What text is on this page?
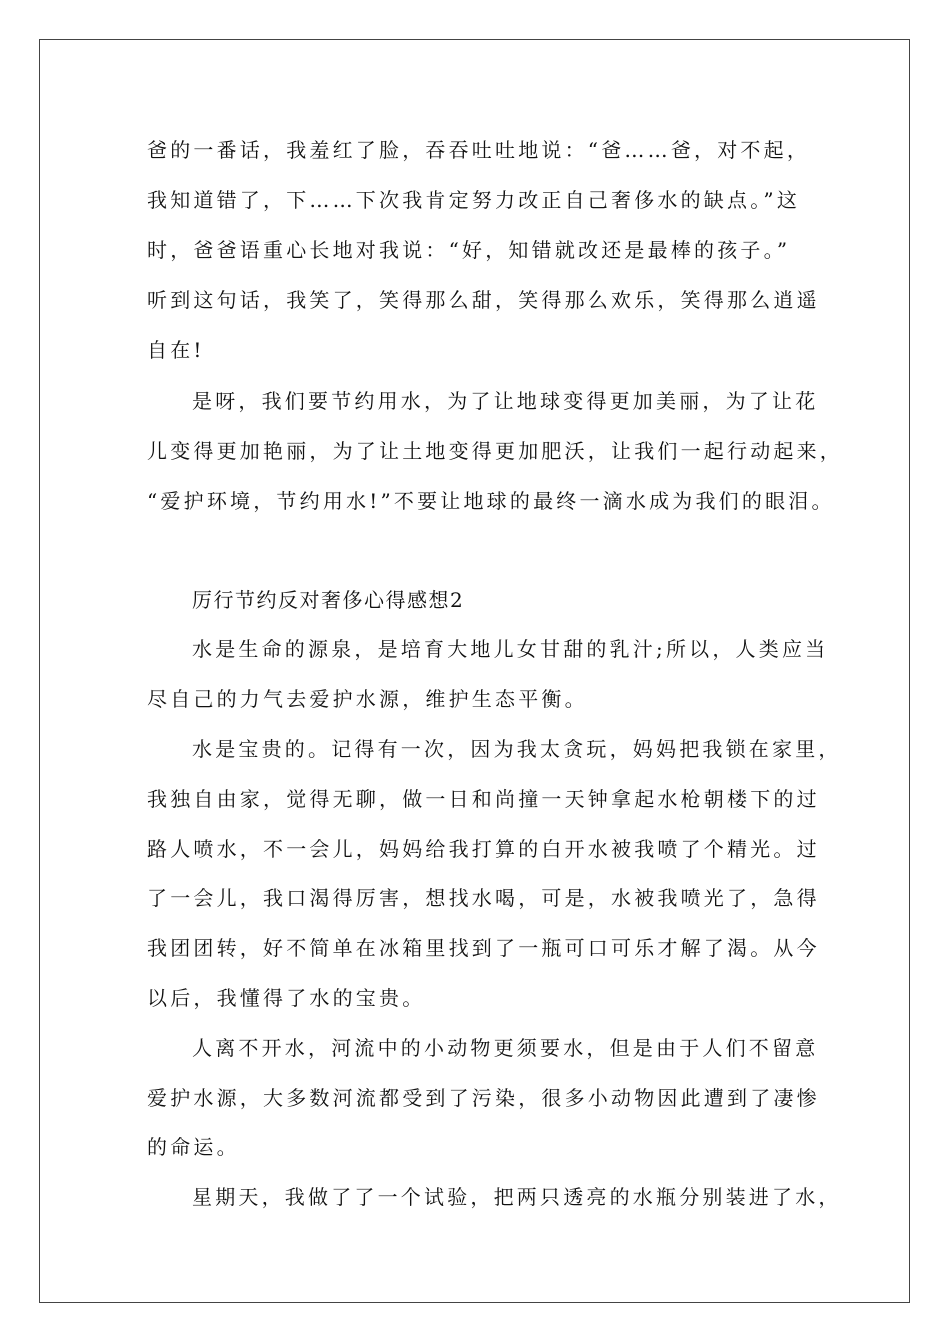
爸的一番话，我羞红了脸，吞吞吐吐地说：“爸……爸，对不起，
我知道错了，下……下次我肯定努力改正自己奢侈水的缺点。”这
时，爸爸语重心长地对我说：“好，知错就改还是最棒的孩子。”
听到这句话，我笑了，笑得那么甜，笑得那么欢乐，笑得那么逍遥
自在!
是呀，我们要节约用水，为了让地球变得更加美丽，为了让花
儿变得更加艳丽，为了让土地变得更加肥沃，让我们一起行动起来，
“爱护环境，节约用水!”不要让地球的最终一滴水成为我们的眼泪。
厉行节约反对奢侈心得感想2
水是生命的源泉，是培育大地儿女甘甜的乳汁;所以，人类应当
尽自己的力气去爱护水源，维护生态平衡。
水是宝贵的。记得有一次，因为我太贪玩，妈妈把我锁在家里，
我独自由家，觉得无聊，做一日和尚撞一天钟拿起水枪朝楼下的过
路人喷水，不一会儿，妈妈给我打算的白开水被我喷了个精光。过
了一会儿，我口渴得厉害，想找水喝，可是，水被我喷光了，急得
我团团转，好不简单在冰箱里找到了一瓶可口可乐才解了渴。从今
以后，我懂得了水的宝贵。
人离不开水，河流中的小动物更须要水，但是由于人们不留意
爱护水源，大多数河流都受到了污染，很多小动物因此遭到了凄惨
的命运。
星期天，我做了了一个试验，把两只透亮的水瓶分别装进了水，
